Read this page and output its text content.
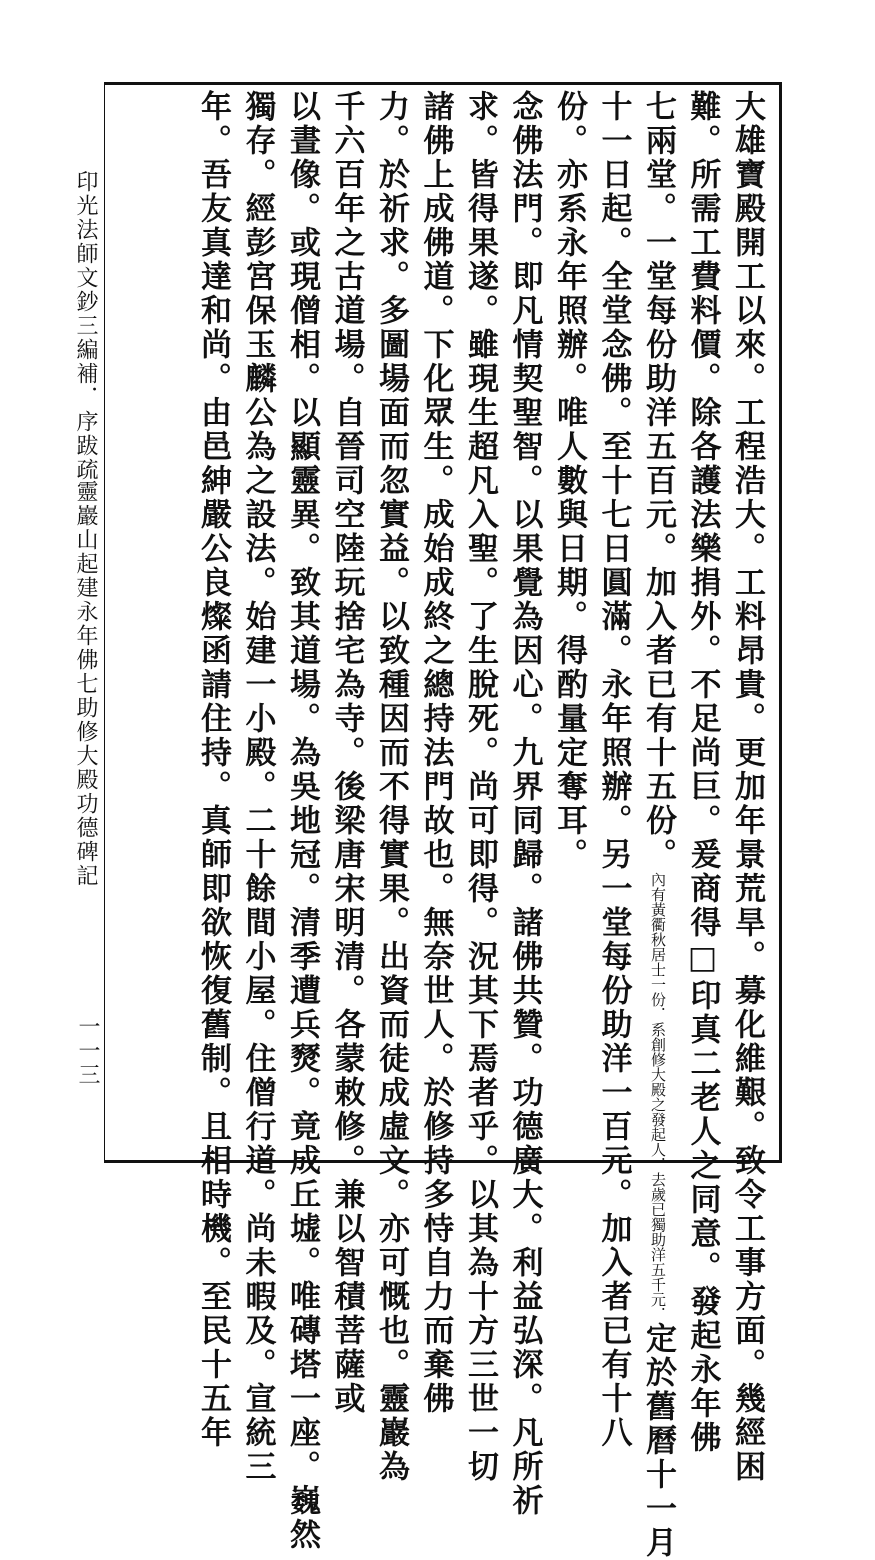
印光法師文鈔三編補．序跋疏
靈巖山起建永年佛七助修大殿功德碑記
一一三	大雄寶殿開工以來。工程浩大。工料昂貴。更加年景荒旱。募化維艱。致令工事方面。幾經困
難。所需工費料價。除各護法樂捐外。不足尚巨。爰商得□印真二老人之同意。發起永年佛
七兩堂。一堂每份助洋五百元。加入者已有十五份。內有黃衢秋居士一份．系創修大殿之發起人．去歲已獨助洋五千元．定於舊曆十一月
十一日起。全堂念佛。至十七日圓滿。永年照辦。另一堂每份助洋一百元。加入者已有十八
份。亦系永年照辦。唯人數與日期。得酌量定奪耳。
念佛法門。即凡情契聖智。以果覺為因心。九界同歸。諸佛共贊。功德廣大。利益弘深。凡所祈
求。皆得果遂。雖現生超凡入聖。了生脫死。尚可即得。況其下焉者乎。以其為十方三世一切
諸佛上成佛道。下化眾生。成始成終之總持法門故也。無奈世人。於修持多恃自力而棄佛
力。於祈求。多圖場面而忽實益。以致種因而不得實果。出資而徒成虛文。亦可慨也。靈巖為
千六百年之古道場。自晉司空陸玩捨宅為寺。後梁唐宋明清。各蒙敕修。兼以智積菩薩或
以晝像。或現僧相。以顯靈異。致其道場。為吳地冠。清季遭兵燹。竟成丘墟。唯磚塔一座。巍然
獨存。經彭宮保玉麟公為之設法。始建一小殿。二十餘間小屋。住僧行道。尚未暇及。宣統三
年。吾友真達和尚。由邑紳嚴公良燦函請住持。真師即欲恢復舊制。且相時機。至民十五年
